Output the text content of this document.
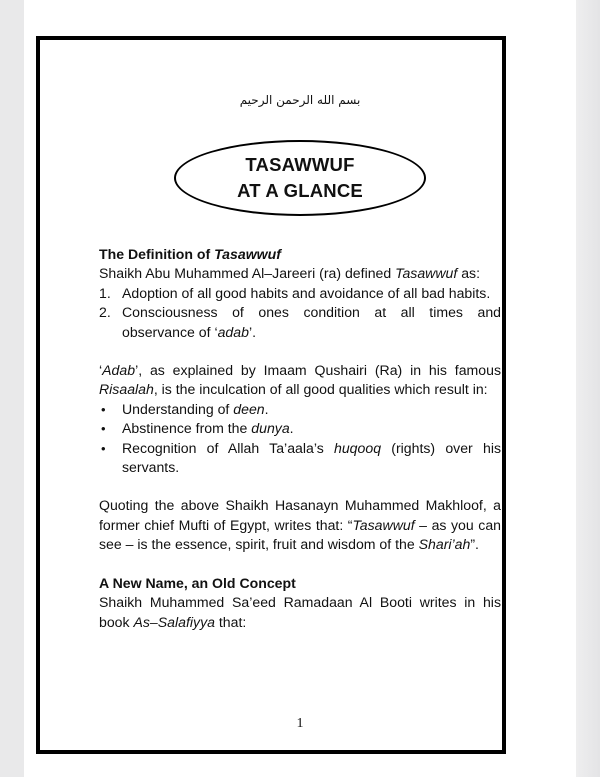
بسم الله الرحمن الرحيم
TASAWWUF
AT A GLANCE

The Definition of Tasawwuf

Shaikh Abu Muhammed Al–Jareeri (ra) defined Tasawwuf as:

1. Adoption of all good habits and avoidance of all bad habits.
2. Consciousness of ones condition at all times and observance of ‘adab’.

‘Adab’, as explained by Imaam Qushairi (Ra) in his famous Risaalah, is the inculcation of all good qualities which result in:

• Understanding of deen.
• Abstinence from the dunya.
• Recognition of Allah Ta’aala’s huqooq (rights) over his servants.

Quoting the above Shaikh Hasanayn Muhammed Makhloof, a former chief Mufti of Egypt, writes that: “Tasawwuf – as you can see – is the essence, spirit, fruit and wisdom of the Shari’ah”.

A New Name, an Old Concept

Shaikh Muhammed Sa’eed Ramadaan Al Booti writes in his book As–Salafiyya that:

1
